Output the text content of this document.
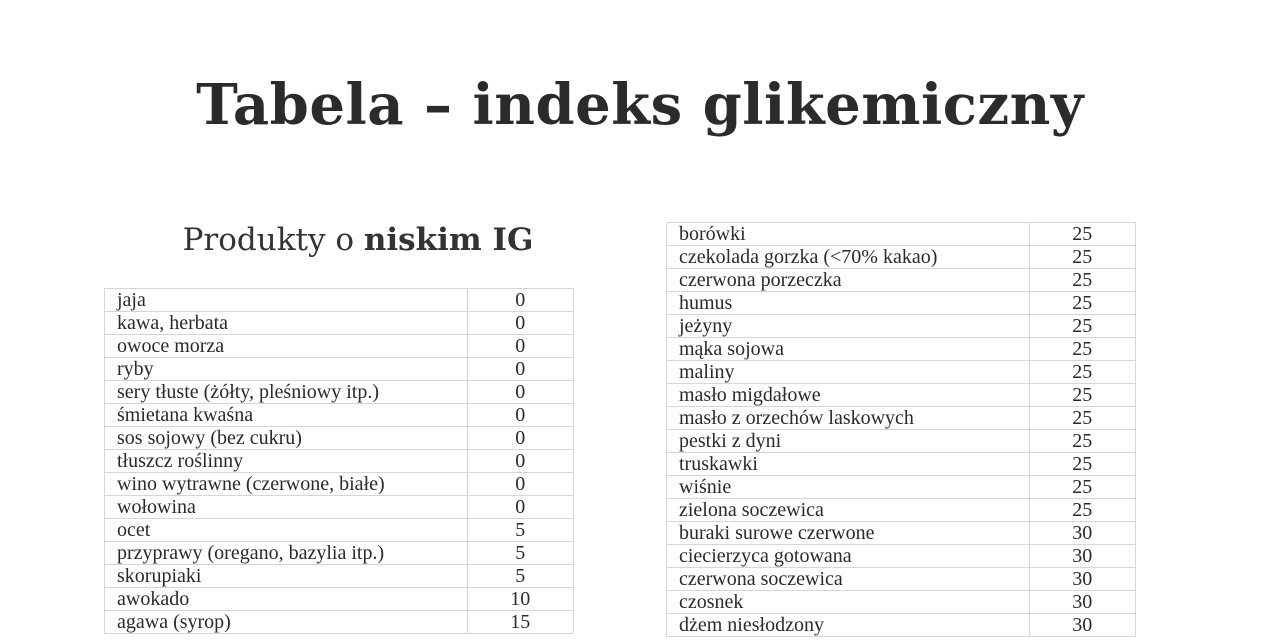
Tabela – indeks glikemiczny
Produkty o niskim IG
jaja	0
kawa, herbata	0
owoce morza	0
ryby	0
sery tłuste (żółty, pleśniowy itp.)	0
śmietana kwaśna	0
sos sojowy (bez cukru)	0
tłuszcz roślinny	0
wino wytrawne (czerwone, białe)	0
wołowina	0
ocet	5
przyprawy (oregano, bazylia itp.)	5
skorupiaki	5
awokado	10
agawa (syrop)	15
borówki	25
czekolada gorzka (<70% kakao)	25
czerwona porzeczka	25
humus	25
jeżyny	25
mąka sojowa	25
maliny	25
masło migdałowe	25
masło z orzechów laskowych	25
pestki z dyni	25
truskawki	25
wiśnie	25
zielona soczewica	25
buraki surowe czerwone	30
ciecierzyca gotowana	30
czerwona soczewica	30
czosnek	30
dżem niesłodzony	30
